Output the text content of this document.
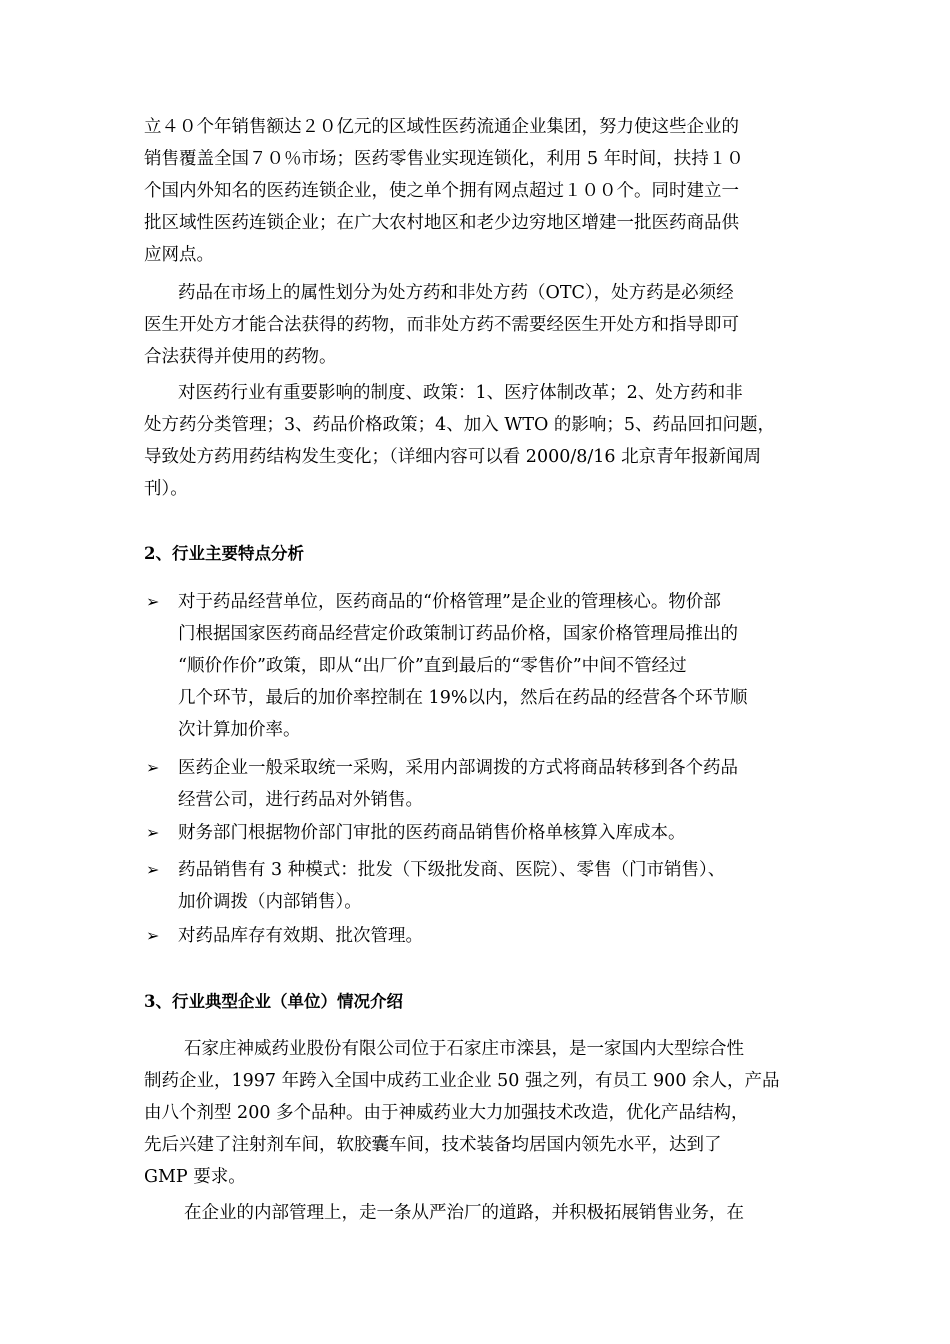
立４０个年销售额达２０亿元的区域性医药流通企业集团，努力使这些企业的
销售覆盖全国７０％市场；医药零售业实现连锁化，利用 5 年时间，扶持１０
个国内外知名的医药连锁企业，使之单个拥有网点超过１００个。同时建立一
批区域性医药连锁企业；在广大农村地区和老少边穷地区增建一批医药商品供
应网点。
药品在市场上的属性划分为处方药和非处方药（OTC），处方药是必须经
医生开处方才能合法获得的药物，而非处方药不需要经医生开处方和指导即可
合法获得并使用的药物。
对医药行业有重要影响的制度、政策：1、医疗体制改革；2、处方药和非
处方药分类管理；3、药品价格政策；4、加入 WTO 的影响；5、药品回扣问题，
导致处方药用药结构发生变化；（详细内容可以看 2000/8/16 北京青年报新闻周
刊）。
2、行业主要特点分析
➢ 对于药品经营单位，医药商品的“价格管理”是企业的管理核心。物价部
门根据国家医药商品经营定价政策制订药品价格，国家价格管理局推出的
“顺价作价”政策，即从“出厂价”直到最后的“零售价”中间不管经过
几个环节，最后的加价率控制在 19%以内，然后在药品的经营各个环节顺
次计算加价率。
➢ 医药企业一般采取统一采购，采用内部调拨的方式将商品转移到各个药品
经营公司，进行药品对外销售。
➢ 财务部门根据物价部门审批的医药商品销售价格单核算入库成本。
➢ 药品销售有 3 种模式：批发（下级批发商、医院）、零售（门市销售）、
加价调拨（内部销售）。
➢ 对药品库存有效期、批次管理。
3、行业典型企业（单位）情况介绍
石家庄神威药业股份有限公司位于石家庄市滦县，是一家国内大型综合性
制药企业，1997 年跨入全国中成药工业企业 50 强之列，有员工 900 余人，产品
由八个剂型 200 多个品种。由于神威药业大力加强技术改造，优化产品结构，
先后兴建了注射剂车间，软胶囊车间，技术装备均居国内领先水平，达到了
GMP 要求。
在企业的内部管理上，走一条从严治厂的道路，并积极拓展销售业务，在
